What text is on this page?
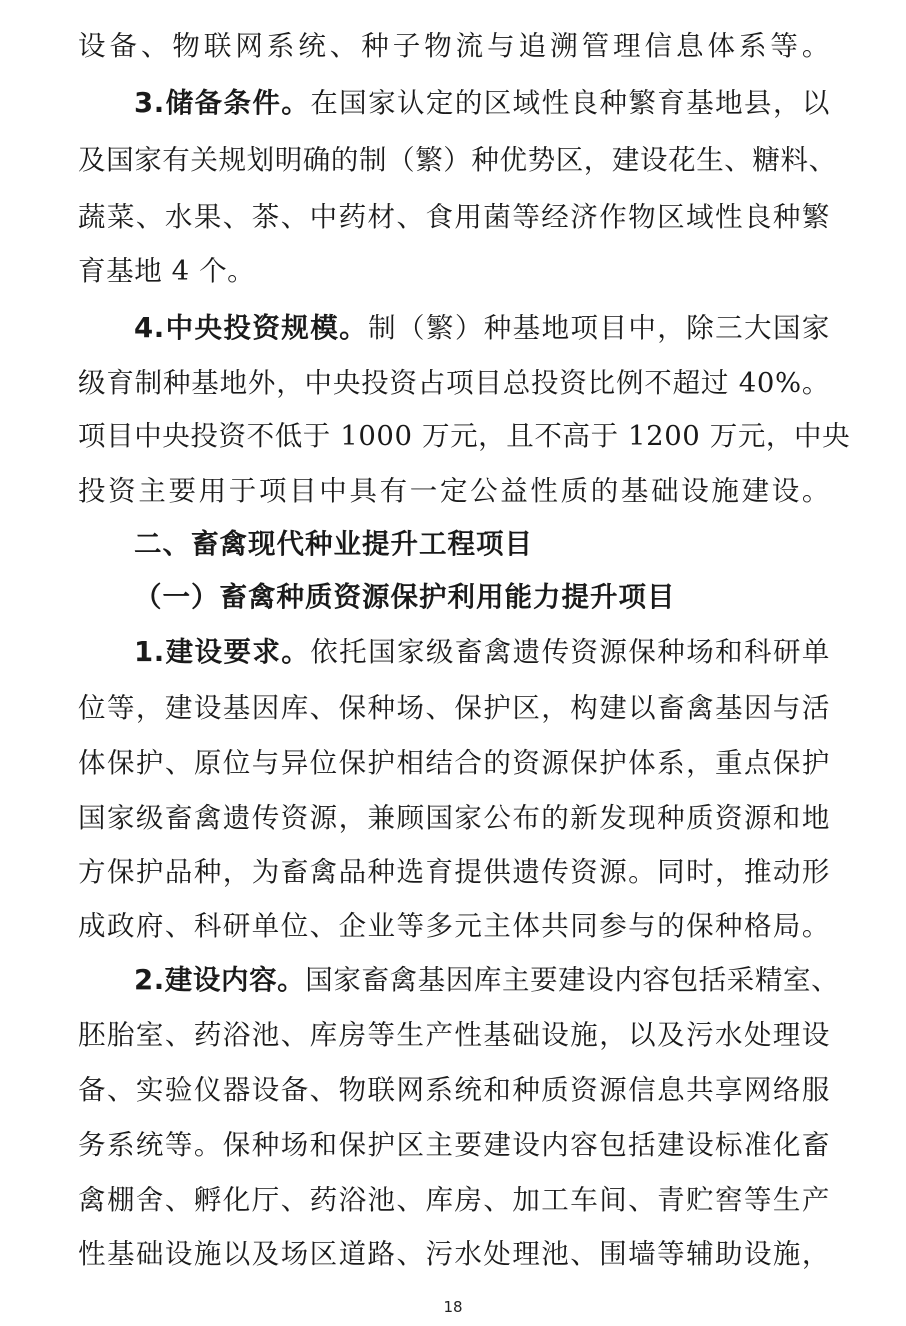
设备、物联网系统、种子物流与追溯管理信息体系等。
3.储备条件。在国家认定的区域性良种繁育基地县，以
及国家有关规划明确的制（繁）种优势区，建设花生、糖料、
蔬菜、水果、茶、中药材、食用菌等经济作物区域性良种繁
育基地 4 个。
4.中央投资规模。制（繁）种基地项目中，除三大国家
级育制种基地外，中央投资占项目总投资比例不超过 40%。
项目中央投资不低于 1000 万元，且不高于 1200 万元，中央
投资主要用于项目中具有一定公益性质的基础设施建设。
二、畜禽现代种业提升工程项目
（一）畜禽种质资源保护利用能力提升项目
1.建设要求。依托国家级畜禽遗传资源保种场和科研单
位等，建设基因库、保种场、保护区，构建以畜禽基因与活
体保护、原位与异位保护相结合的资源保护体系，重点保护
国家级畜禽遗传资源，兼顾国家公布的新发现种质资源和地
方保护品种，为畜禽品种选育提供遗传资源。同时，推动形
成政府、科研单位、企业等多元主体共同参与的保种格局。
2.建设内容。国家畜禽基因库主要建设内容包括采精室、
胚胎室、药浴池、库房等生产性基础设施，以及污水处理设
备、实验仪器设备、物联网系统和种质资源信息共享网络服
务系统等。保种场和保护区主要建设内容包括建设标准化畜
禽棚舍、孵化厅、药浴池、库房、加工车间、青贮窖等生产
性基础设施以及场区道路、污水处理池、围墙等辅助设施，
18
